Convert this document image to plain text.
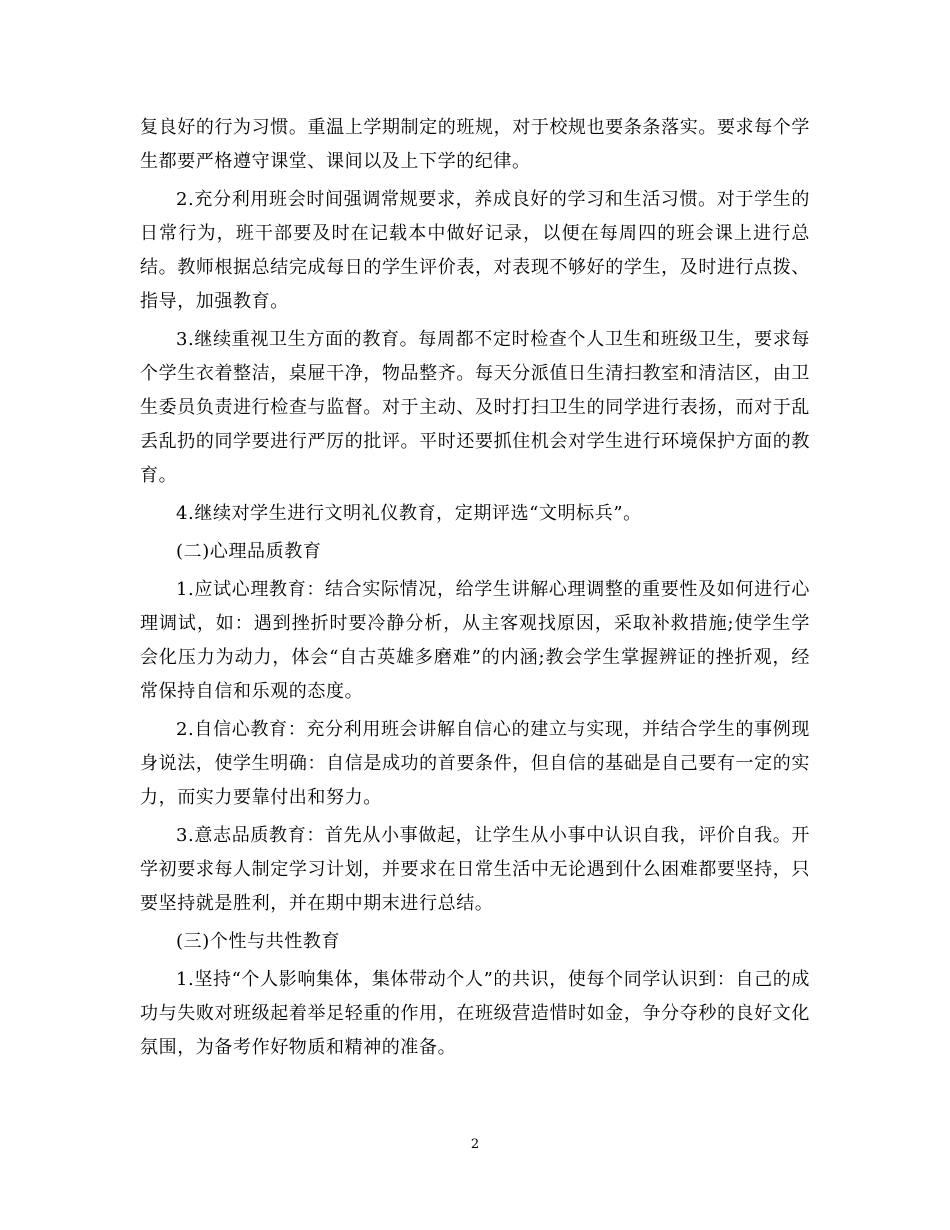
复良好的行为习惯。重温上学期制定的班规，对于校规也要条条落实。要求每个学生都要严格遵守课堂、课间以及上下学的纪律。

2.充分利用班会时间强调常规要求，养成良好的学习和生活习惯。对于学生的日常行为，班干部要及时在记载本中做好记录，以便在每周四的班会课上进行总结。教师根据总结完成每日的学生评价表，对表现不够好的学生，及时进行点拨、指导，加强教育。

3.继续重视卫生方面的教育。每周都不定时检查个人卫生和班级卫生，要求每个学生衣着整洁，桌屉干净，物品整齐。每天分派值日生清扫教室和清洁区，由卫生委员负责进行检查与监督。对于主动、及时打扫卫生的同学进行表扬，而对于乱丢乱扔的同学要进行严厉的批评。平时还要抓住机会对学生进行环境保护方面的教育。

4.继续对学生进行文明礼仪教育，定期评选“文明标兵”。

(二)心理品质教育

1.应试心理教育：结合实际情况，给学生讲解心理调整的重要性及如何进行心理调试，如：遇到挫折时要冷静分析，从主客观找原因，采取补救措施;使学生学会化压力为动力，体会“自古英雄多磨难”的内涵;教会学生掌握辨证的挫折观，经常保持自信和乐观的态度。

2.自信心教育：充分利用班会讲解自信心的建立与实现，并结合学生的事例现身说法，使学生明确：自信是成功的首要条件，但自信的基础是自己要有一定的实力，而实力要靠付出和努力。

3.意志品质教育：首先从小事做起，让学生从小事中认识自我，评价自我。开学初要求每人制定学习计划，并要求在日常生活中无论遇到什么困难都要坚持，只要坚持就是胜利，并在期中期末进行总结。

(三)个性与共性教育

1.坚持“个人影响集体，集体带动个人”的共识，使每个同学认识到：自己的成功与失败对班级起着举足轻重的作用，在班级营造惜时如金，争分夺秒的良好文化氛围，为备考作好物质和精神的准备。

2
